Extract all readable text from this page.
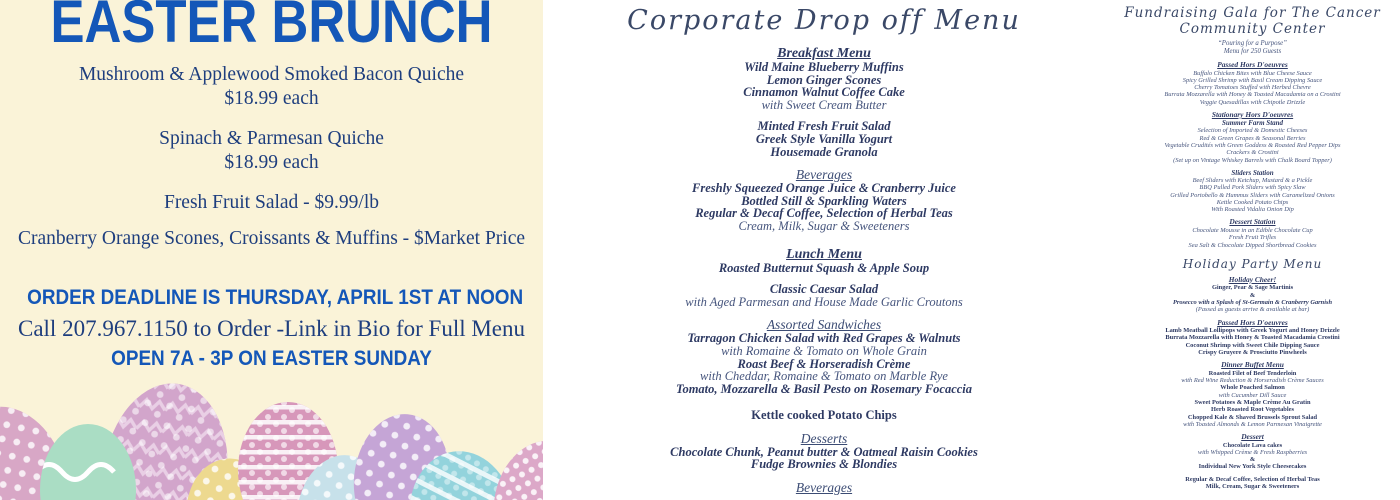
EASTER BRUNCH
Mushroom & Applewood Smoked Bacon Quiche
$18.99 each
Spinach & Parmesan Quiche
$18.99 each
Fresh Fruit Salad - $9.99/lb
Cranberry Orange Scones, Croissants & Muffins - $Market Price
ORDER DEADLINE IS THURSDAY, APRIL 1ST AT NOON
Call 207.967.1150 to Order -Link in Bio for Full Menu
OPEN 7A - 3P ON EASTER SUNDAY
Corporate Drop off Menu
Breakfast Menu
Wild Maine Blueberry Muffins
Lemon Ginger Scones
Cinnamon Walnut Coffee Cake
with Sweet Cream Butter
Minted Fresh Fruit Salad
Greek Style Vanilla Yogurt
Housemade Granola
Beverages
Freshly Squeezed Orange Juice & Cranberry Juice
Bottled Still & Sparkling Waters
Regular & Decaf Coffee, Selection of Herbal Teas
Cream, Milk, Sugar & Sweeteners
Lunch Menu
Roasted Butternut Squash & Apple Soup
Classic Caesar Salad
with Aged Parmesan and House Made Garlic Croutons
Assorted Sandwiches
Tarragon Chicken Salad with Red Grapes & Walnuts
with Romaine & Tomato on Whole Grain
Roast Beef & Horseradish Crème
with Cheddar, Romaine & Tomato on Marble Rye
Tomato, Mozzarella & Basil Pesto on Rosemary Focaccia
Kettle cooked Potato Chips
Desserts
Chocolate Chunk, Peanut butter & Oatmeal Raisin Cookies
Fudge Brownies & Blondies
Beverages
Fundraising Gala for The Cancer Community Center
“Pouring for a Purpose”
Menu for 250 Guests
Passed Hors D'oeuvres
Buffalo Chicken Bites with Blue Cheese Sauce
Spicy Grilled Shrimp with Basil Cream Dipping Sauce
Cherry Tomatoes Stuffed with Herbed Chevre
Burrata Mozzarella with Honey & Toasted Macadamia on a Crostini
Veggie Quesadillas with Chipotle Drizzle
Stationary Hors D'oeuvres
Summer Farm Stand
Selection of Imported & Domestic Cheeses
Red & Green Grapes & Seasonal Berries
Vegetable Crudités with Green Goddess & Roasted Red Pepper Dips
Crackers & Crostini
(Set up on Vintage Whiskey Barrels with Chalk Board Topper)
Sliders Station
Beef Sliders with Ketchup, Mustard & a Pickle
BBQ Pulled Pork Sliders with Spicy Slaw
Grilled Portobello & Hummus Sliders with Caramelized Onions
Kettle Cooked Potato Chips
With Roasted Vidalia Onion Dip
Dessert Station
Chocolate Mousse in an Edible Chocolate Cup
Fresh Fruit Trifles
Sea Salt & Chocolate Dipped Shortbread Cookies
Holiday Party Menu
Holiday Cheer!
Ginger, Pear & Sage Martinis
&
Prosecco with a Splash of St-Germain & Cranberry Garnish
(Passed as guests arrive & available at bar)
Passed Hors D'oeuvres
Lamb Meatball Lollipops with Greek Yogurt and Honey Drizzle
Burrata Mozzarella with Honey & Toasted Macadamia Crostini
Coconut Shrimp with Sweet Chile Dipping Sauce
Crispy Gruyere & Prosciutto Pinwheels
Dinner Buffet Menu
Roasted Filet of Beef Tenderloin
with Red Wine Reduction & Horseradish Crème Sauces
Whole Poached Salmon
with Cucumber Dill Sauce
Sweet Potatoes & Maple Crème Au Gratin
Herb Roasted Root Vegetables
Chopped Kale & Shaved Brussels Sprout Salad
with Toasted Almonds & Lemon Parmesan Vinaigrette
Dessert
Chocolate Lava cakes
with Whipped Crème & Fresh Raspberries
&
Individual New York Style Cheesecakes
Regular & Decaf Coffee, Selection of Herbal Teas
Milk, Cream, Sugar & Sweeteners
